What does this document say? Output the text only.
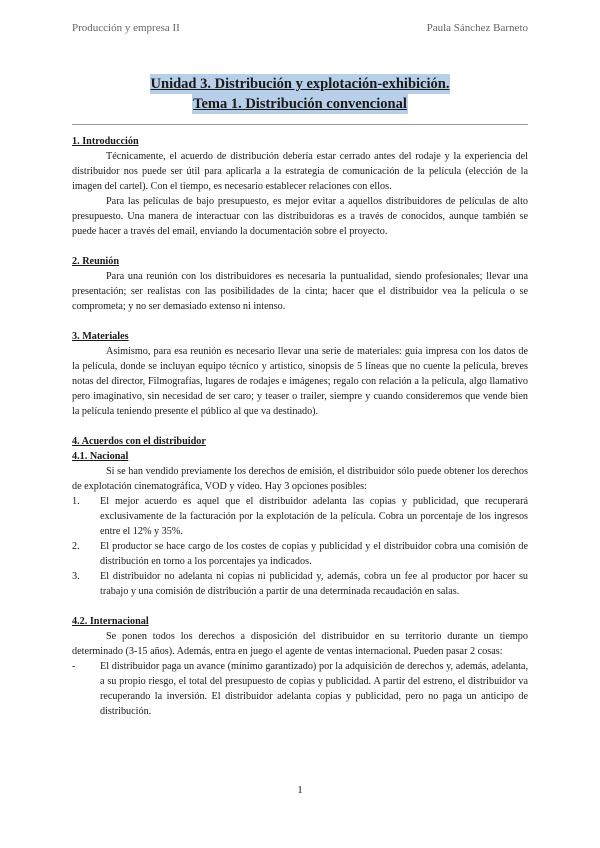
Producción y empresa II	Paula Sánchez Barneto
Unidad 3. Distribución y explotación-exhibición.
Tema 1. Distribución convencional
1. Introducción

Técnicamente, el acuerdo de distribución debería estar cerrado antes del rodaje y la experiencia del distribuidor nos puede ser útil para aplicarla a la estrategia de comunicación de la película (elección de la imagen del cartel). Con el tiempo, es necesario establecer relaciones con ellos.

Para las películas de bajo presupuesto, es mejor evitar a aquellos distribuidores de películas de alto presupuesto. Una manera de interactuar con las distribuidoras es a través de conocidos, aunque también se puede hacer a través del email, enviando la documentación sobre el proyecto.

2. Reunión

Para una reunión con los distribuidores es necesaria la puntualidad, siendo profesionales; llevar una presentación; ser realistas con las posibilidades de la cinta; hacer que el distribuidor vea la película o se comprometa; y no ser demasiado extenso ni intenso.

3. Materiales

Asimismo, para esa reunión es necesario llevar una serie de materiales: guía impresa con los datos de la película, donde se incluyan equipo técnico y artístico, sinopsis de 5 líneas que no cuente la película, breves notas del director, Filmografías, lugares de rodajes e imágenes; regalo con relación a la película, algo llamativo pero imaginativo, sin necesidad de ser caro; y teaser o trailer, siempre y cuando consideremos que vende bien la película teniendo presente el público al que va destinado).

4. Acuerdos con el distribuidor
4.1. Nacional

Si se han vendido previamente los derechos de emisión, el distribuidor sólo puede obtener los derechos de explotación cinematográfica, VOD y vídeo. Hay 3 opciones posibles:

1.	El mejor acuerdo es aquel que el distribuidor adelanta las copias y publicidad, que recuperará exclusivamente de la facturación por la explotación de la película. Cobra un porcentaje de los ingresos entre el 12% y 35%.
2.	El productor se hace cargo de los costes de copias y publicidad y el distribuidor cobra una comisión de distribución en torno a los porcentajes ya indicados.
3.	El distribuidor no adelanta ni copias ni publicidad y, además, cobra un fee al productor por hacer su trabajo y una comisión de distribución a partir de una determinada recaudación en salas.
4.2. Internacional

Se ponen todos los derechos a disposición del distribuidor en su territorio durante un tiempo determinado (3-15 años). Además, entra en juego el agente de ventas internacional. Pueden pasar 2 cosas:

-	El distribuidor paga un avance (mínimo garantizado) por la adquisición de derechos y, además, adelanta, a su propio riesgo, el total del presupuesto de copias y publicidad. A partir del estreno, el distribuidor va recuperando la inversión. El distribuidor adelanta copias y publicidad, pero no paga un anticipo de distribución.
1
